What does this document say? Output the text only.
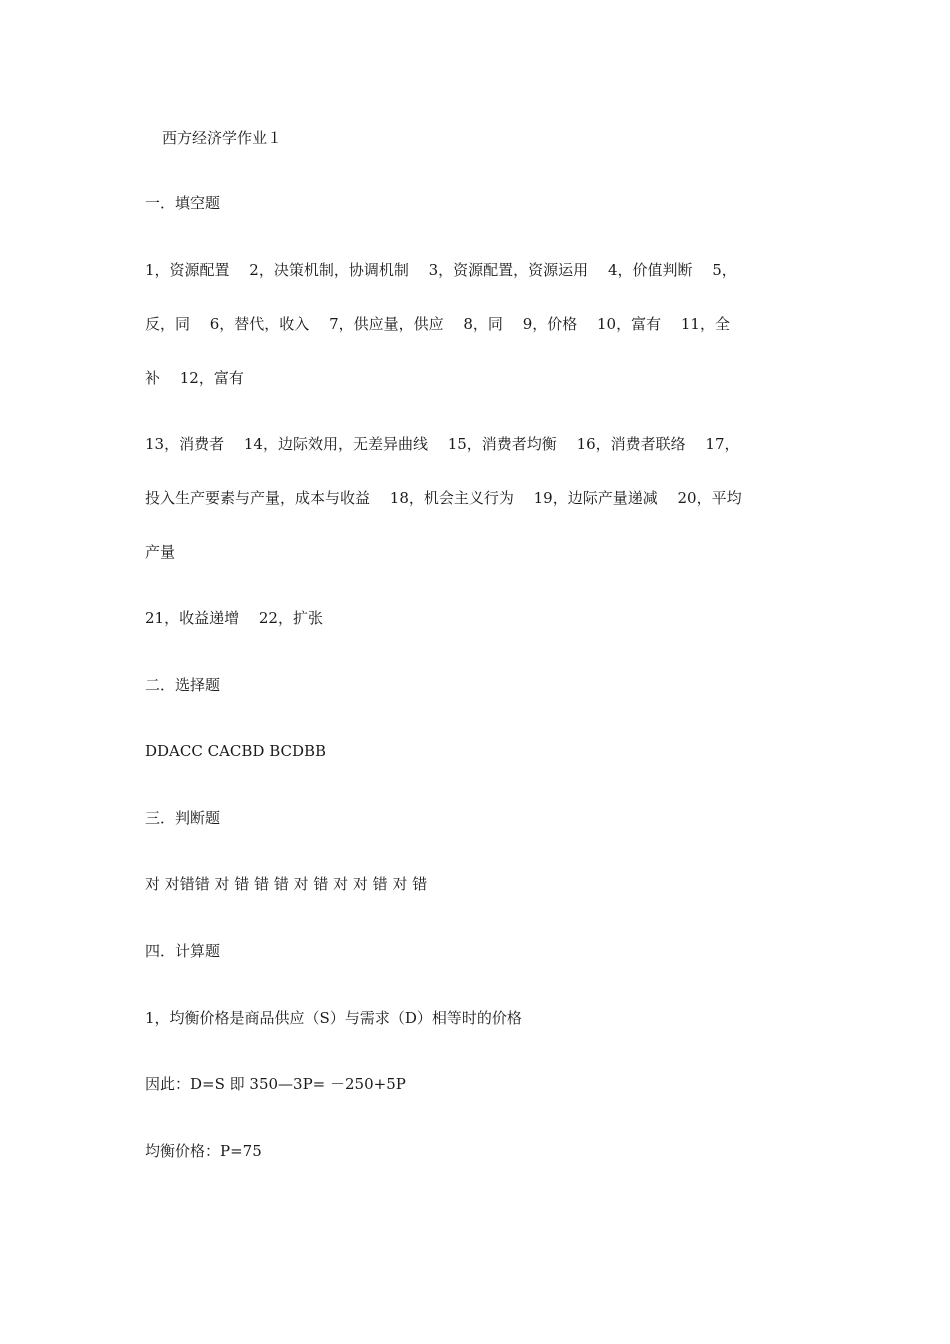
西方经济学作业１

一．填空题

1，资源配置　 2，决策机制，协调机制　 3，资源配置，资源运用　 4，价值判断　 5，

反，同　 6，替代，收入　 7，供应量，供应　 8，同　 9，价格　 10，富有　 11，全

补　 12，富有

13，消费者　 14，边际效用，无差异曲线　 15，消费者均衡　 16，消费者联络　 17，

投入生产要素与产量，成本与收益　 18，机会主义行为　 19，边际产量递减　 20，平均

产量

21，收益递增　 22，扩张

二．选择题

DDACC CACBD BCDBB

三．判断题

对 对错错 对 错 错 错 对 错 对 对 错 对 错

四．计算题

1，均衡价格是商品供应（S）与需求（D）相等时的价格

因此：D=S 即 350—3P= －250+5P

均衡价格：P=75
